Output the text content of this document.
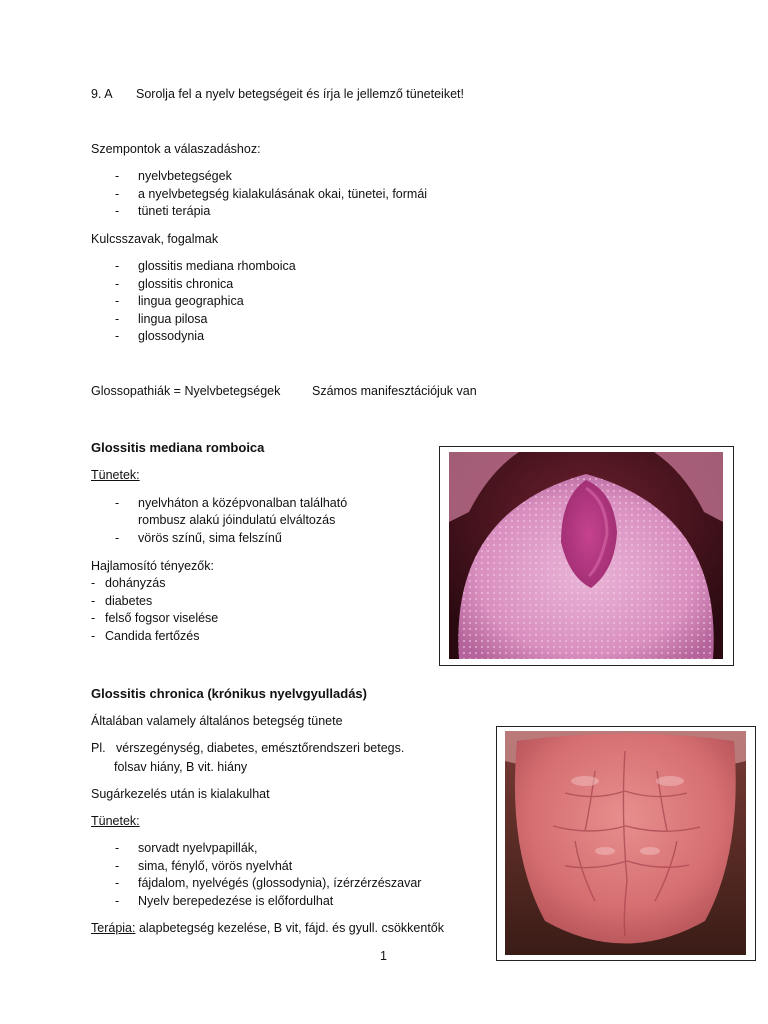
9. A Sorolja fel a nyelv betegségeit és írja le jellemző tüneteiket!
Szempontok a válaszadáshoz:
- nyelvbetegségek
- a nyelvbetegség kialakulásának okai, tünetei, formái
- tüneti terápia
Kulcsszavak, fogalmak
- glossitis mediana rhomboica
- glossitis chronica
- lingua geographica
- lingua pilosa
- glossodynia
Glossopathiák = Nyelvbetegségek	Számos manifesztációjuk van
Glossitis mediana romboica
Tünetek:
- nyelvháton a középvonalban található
rombusz alakú jóindulatú elváltozás
- vörös színű, sima felszínű
Hajlamosító tényezők:
- dohányzás
- diabetes
- felső fogsor viselése
- Candida fertőzés
Glossitis chronica (krónikus nyelvgyulladás)
Általában valamely általános betegség tünete
Pl. vérszegénység, diabetes, emésztőrendszeri betegs.
folsav hiány, B vit. hiány
Sugárkezelés után is kialakulhat
Tünetek:
- sorvadt nyelvpapillák,
- sima, fénylő, vörös nyelvhát
- fájdalom, nyelvégés (glossodynia), ízérzérzészavar
- Nyelv berepedezése is előfordulhat
Terápia: alapbetegség kezelése, B vit, fájd. és gyull. csökkentők
1
